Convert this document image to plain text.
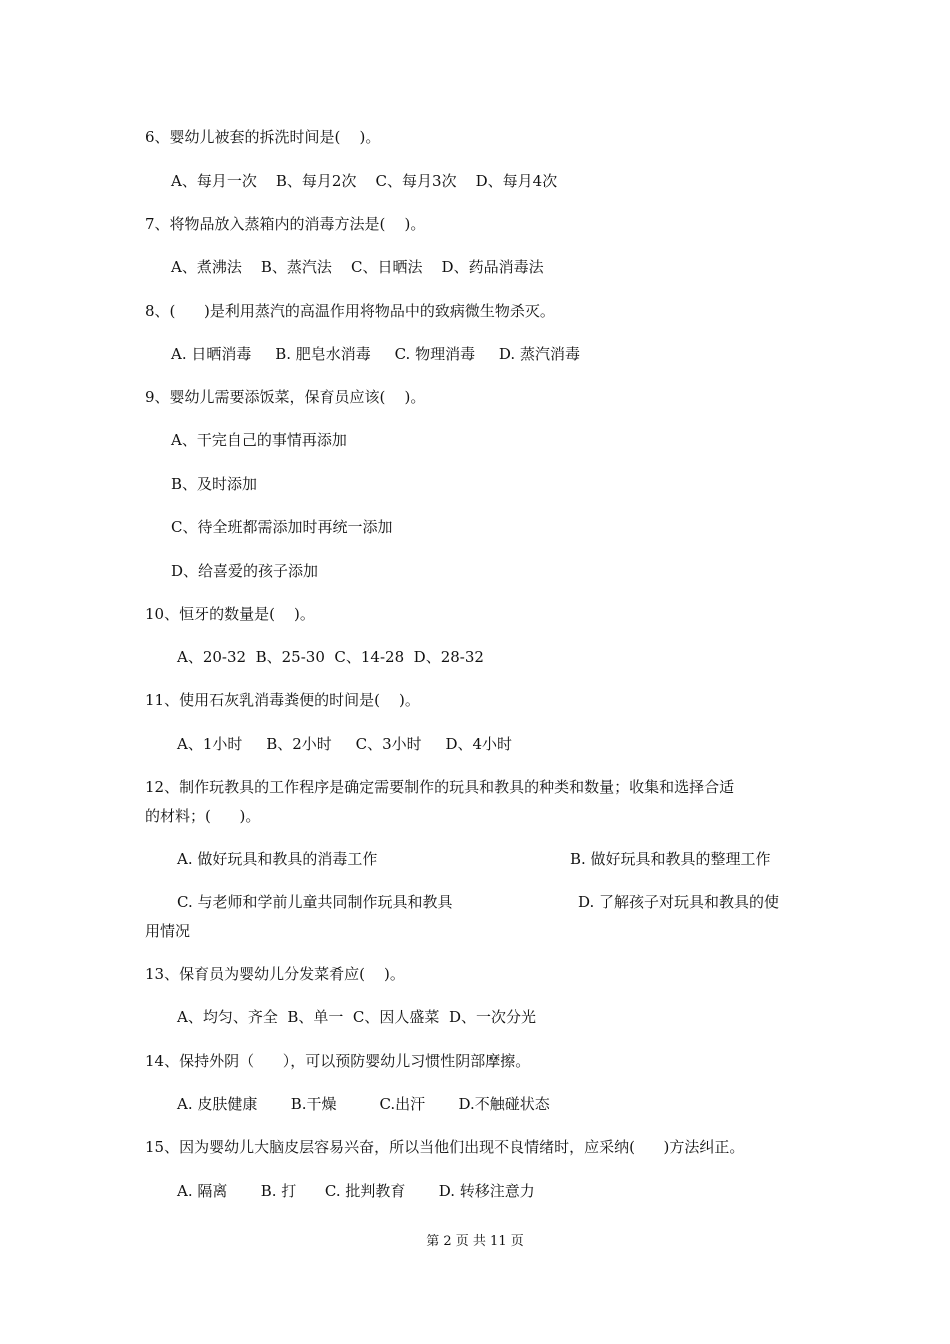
6、婴幼儿被套的拆洗时间是(    )。

A、每月一次    B、每月2次    C、每月3次    D、每月4次

7、将物品放入蒸箱内的消毒方法是(    )。

A、煮沸法    B、蒸汽法    C、日晒法    D、药品消毒法

8、(      )是利用蒸汽的高温作用将物品中的致病微生物杀灭。

A. 日晒消毒     B. 肥皂水消毒     C. 物理消毒     D. 蒸汽消毒

9、婴幼儿需要添饭菜，保育员应该(    )。

A、干完自己的事情再添加

B、及时添加

C、待全班都需添加时再统一添加

D、给喜爱的孩子添加

10、恒牙的数量是(    )。

A、20-32  B、25-30  C、14-28  D、28-32

11、使用石灰乳消毒粪便的时间是(    )。

A、1小时     B、2小时     C、3小时     D、4小时

12、制作玩教具的工作程序是确定需要制作的玩具和教具的种类和数量；收集和选择合适

的材料；(      )。

A. 做好玩具和教具的消毒工作	B. 做好玩具和教具的整理工作

C. 与老师和学前儿童共同制作玩具和教具	D. 了解孩子对玩具和教具的使

用情况

13、保育员为婴幼儿分发菜肴应(    )。

A、均匀、齐全  B、单一  C、因人盛菜  D、一次分光

14、保持外阴（      ），可以预防婴幼儿习惯性阴部摩擦。

A. 皮肤健康       B.干燥         C.出汗       D.不触碰状态

15、因为婴幼儿大脑皮层容易兴奋，所以当他们出现不良情绪时，应采纳(      )方法纠正。

A. 隔离       B. 打      C. 批判教育       D. 转移注意力

第 2 页 共 11 页
